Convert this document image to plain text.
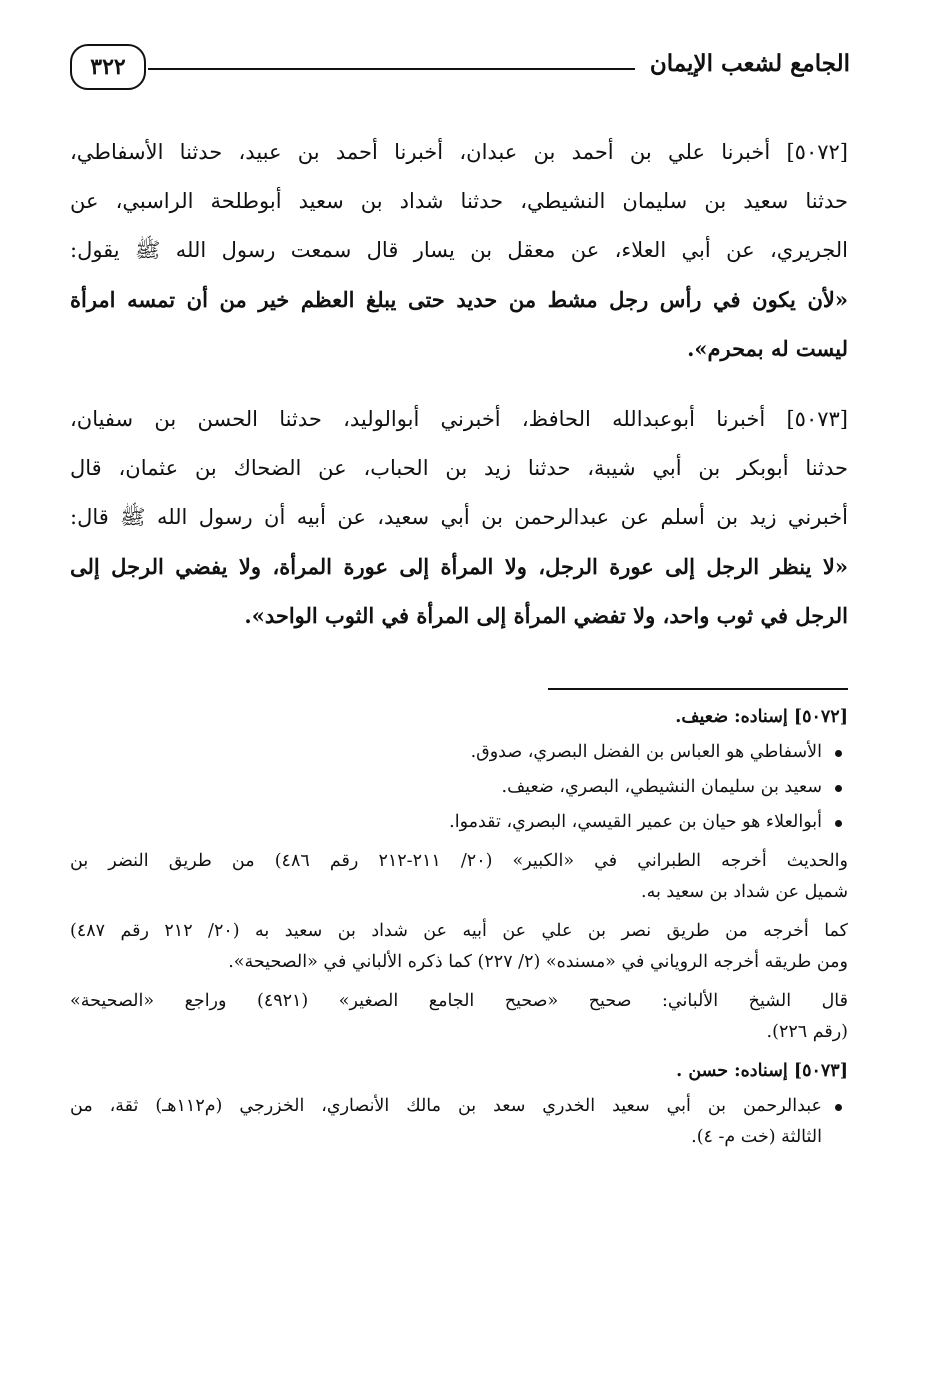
٣٢٢	الجامع لشعب الإيمان
[٥٠٧٢] أخبرنا علي بن أحمد بن عبدان، أخبرنا أحمد بن عبيد، حدثنا الأسفاطي،
حدثنا سعيد بن سليمان النشيطي، حدثنا شداد بن سعيد أبوطلحة الراسبي، عن
الجريري، عن أبي العلاء، عن معقل بن يسار قال سمعت رسول الله ﷺ يقول:
«لأن يكون في رأس رجل مشط من حديد حتى يبلغ العظم خير من أن تمسه امرأة
ليست له بمحرم».
[٥٠٧٣] أخبرنا أبوعبدالله الحافظ، أخبرني أبوالوليد، حدثنا الحسن بن سفيان،
حدثنا أبوبكر بن أبي شيبة، حدثنا زيد بن الحباب، عن الضحاك بن عثمان، قال
أخبرني زيد بن أسلم عن عبدالرحمن بن أبي سعيد، عن أبيه أن رسول الله ﷺ قال:
«لا ينظر الرجل إلى عورة الرجل، ولا المرأة إلى عورة المرأة، ولا يفضي الرجل إلى
الرجل في ثوب واحد، ولا تفضي المرأة إلى المرأة في الثوب الواحد».
[٥٠٧٢] إسناده: ضعيف.
الأسفاطي هو العباس بن الفضل البصري، صدوق.
سعيد بن سليمان النشيطي، البصري، ضعيف.
أبوالعلاء هو حيان بن عمير القيسي، البصري، تقدموا.
والحديث أخرجه الطبراني في «الكبير» (٢٠/ ٢١١-٢١٢ رقم ٤٨٦) من طريق النضر بن
شميل عن شداد بن سعيد به.
كما أخرجه من طريق نصر بن علي عن أبيه عن شداد بن سعيد به (٢٠/ ٢١٢ رقم ٤٨٧)
ومن طريقه أخرجه الروياني في «مسنده» (٢/ ٢٢٧) كما ذكره الألباني في «الصحيحة».
قال الشيخ الألباني: صحيح «صحيح الجامع الصغير» (٤٩٢١) وراجع «الصحيحة»
(رقم ٢٢٦).
[٥٠٧٣] إسناده: حسن .
عبدالرحمن بن أبي سعيد الخدري سعد بن مالك الأنصاري، الخزرجي (م١١٢هـ) ثقة، من
الثالثة (خت م- ٤).
